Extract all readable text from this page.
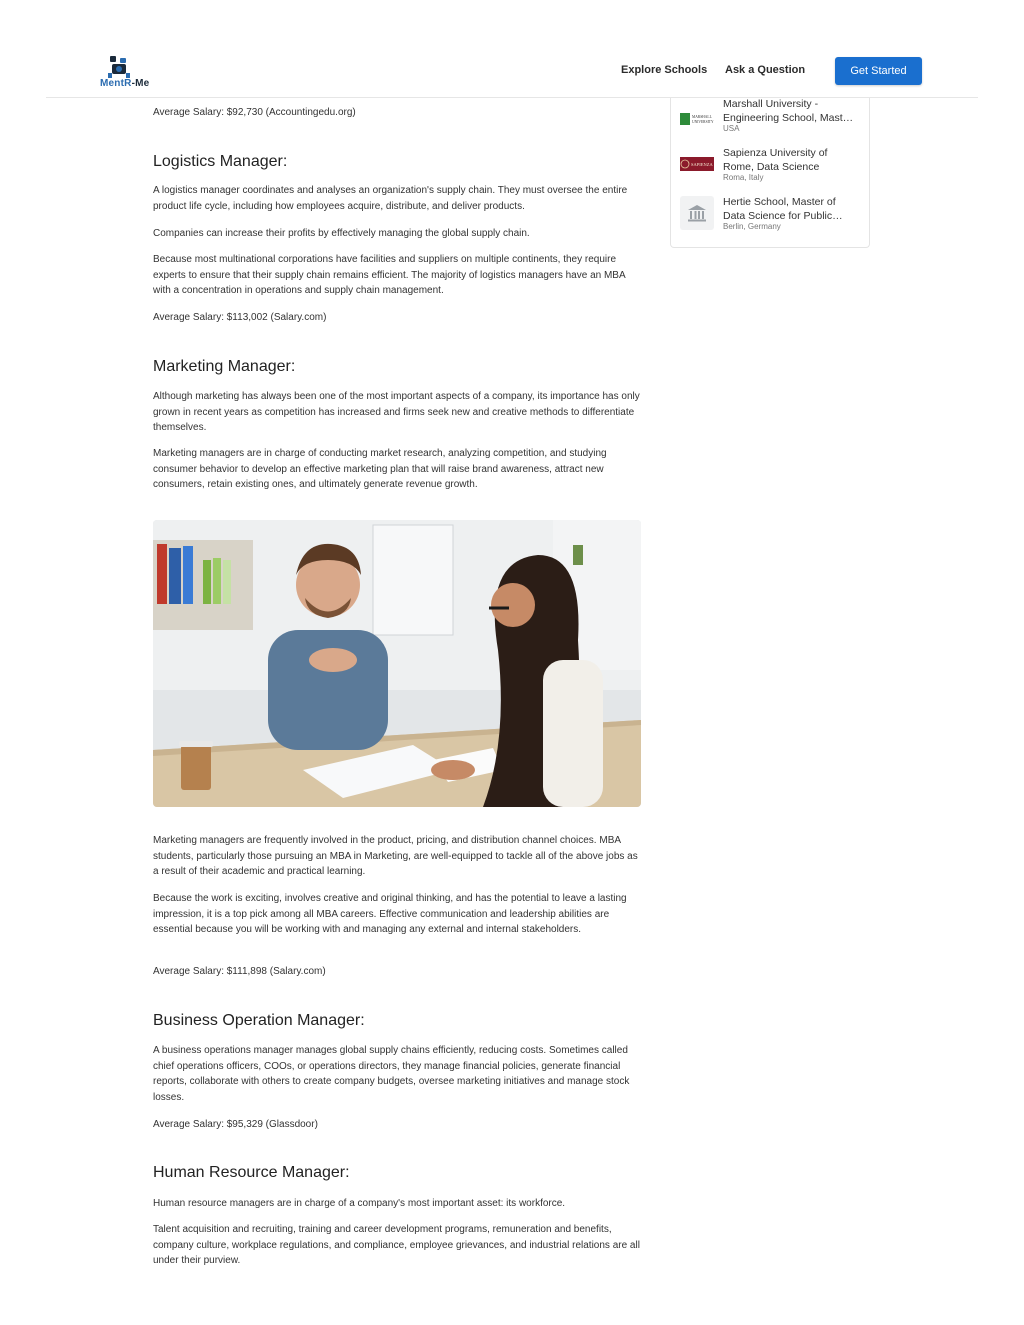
MentR-Me
Explore Schools Ask a Question	Get Started
MARSHALL
UNIVERSITY
Marshall University -
Engineering School, Mast…
USA
SAPIENZA
Sapienza University of
Rome, Data Science
Roma, Italy
Hertie School, Master of
Data Science for Public…
Berlin, Germany
Average Salary: $92,730 (Accountingedu.org)
Logistics Manager:
A logistics manager coordinates and analyses an organization's supply chain. They must oversee the entire product life cycle, including how employees acquire, distribute, and deliver products.
Companies can increase their profits by effectively managing the global supply chain.
Because most multinational corporations have facilities and suppliers on multiple continents, they require experts to ensure that their supply chain remains efficient. The majority of logistics managers have an MBA with a concentration in operations and supply chain management.
Average Salary: $113,002 (Salary.com)
Marketing Manager:
Although marketing has always been one of the most important aspects of a company, its importance has only grown in recent years as competition has increased and firms seek new and creative methods to differentiate themselves.
Marketing managers are in charge of conducting market research, analyzing competition, and studying consumer behavior to develop an effective marketing plan that will raise brand awareness, attract new consumers, retain existing ones, and ultimately generate revenue growth.
Marketing managers are frequently involved in the product, pricing, and distribution channel choices. MBA students, particularly those pursuing an MBA in Marketing, are well-equipped to tackle all of the above jobs as a result of their academic and practical learning.
Because the work is exciting, involves creative and original thinking, and has the potential to leave a lasting impression, it is a top pick among all MBA careers. Effective communication and leadership abilities are essential because you will be working with and managing any external and internal stakeholders.
Average Salary: $111,898 (Salary.com)
Business Operation Manager:
A business operations manager manages global supply chains efficiently, reducing costs. Sometimes called chief operations officers, COOs, or operations directors, they manage financial policies, generate financial reports, collaborate with others to create company budgets, oversee marketing initiatives and manage stock losses.
Average Salary: $95,329 (Glassdoor)
Human Resource Manager:
Human resource managers are in charge of a company's most important asset: its workforce.
Talent acquisition and recruiting, training and career development programs, remuneration and benefits, company culture, workplace regulations, and compliance, employee grievances, and industrial relations are all under their purview.
